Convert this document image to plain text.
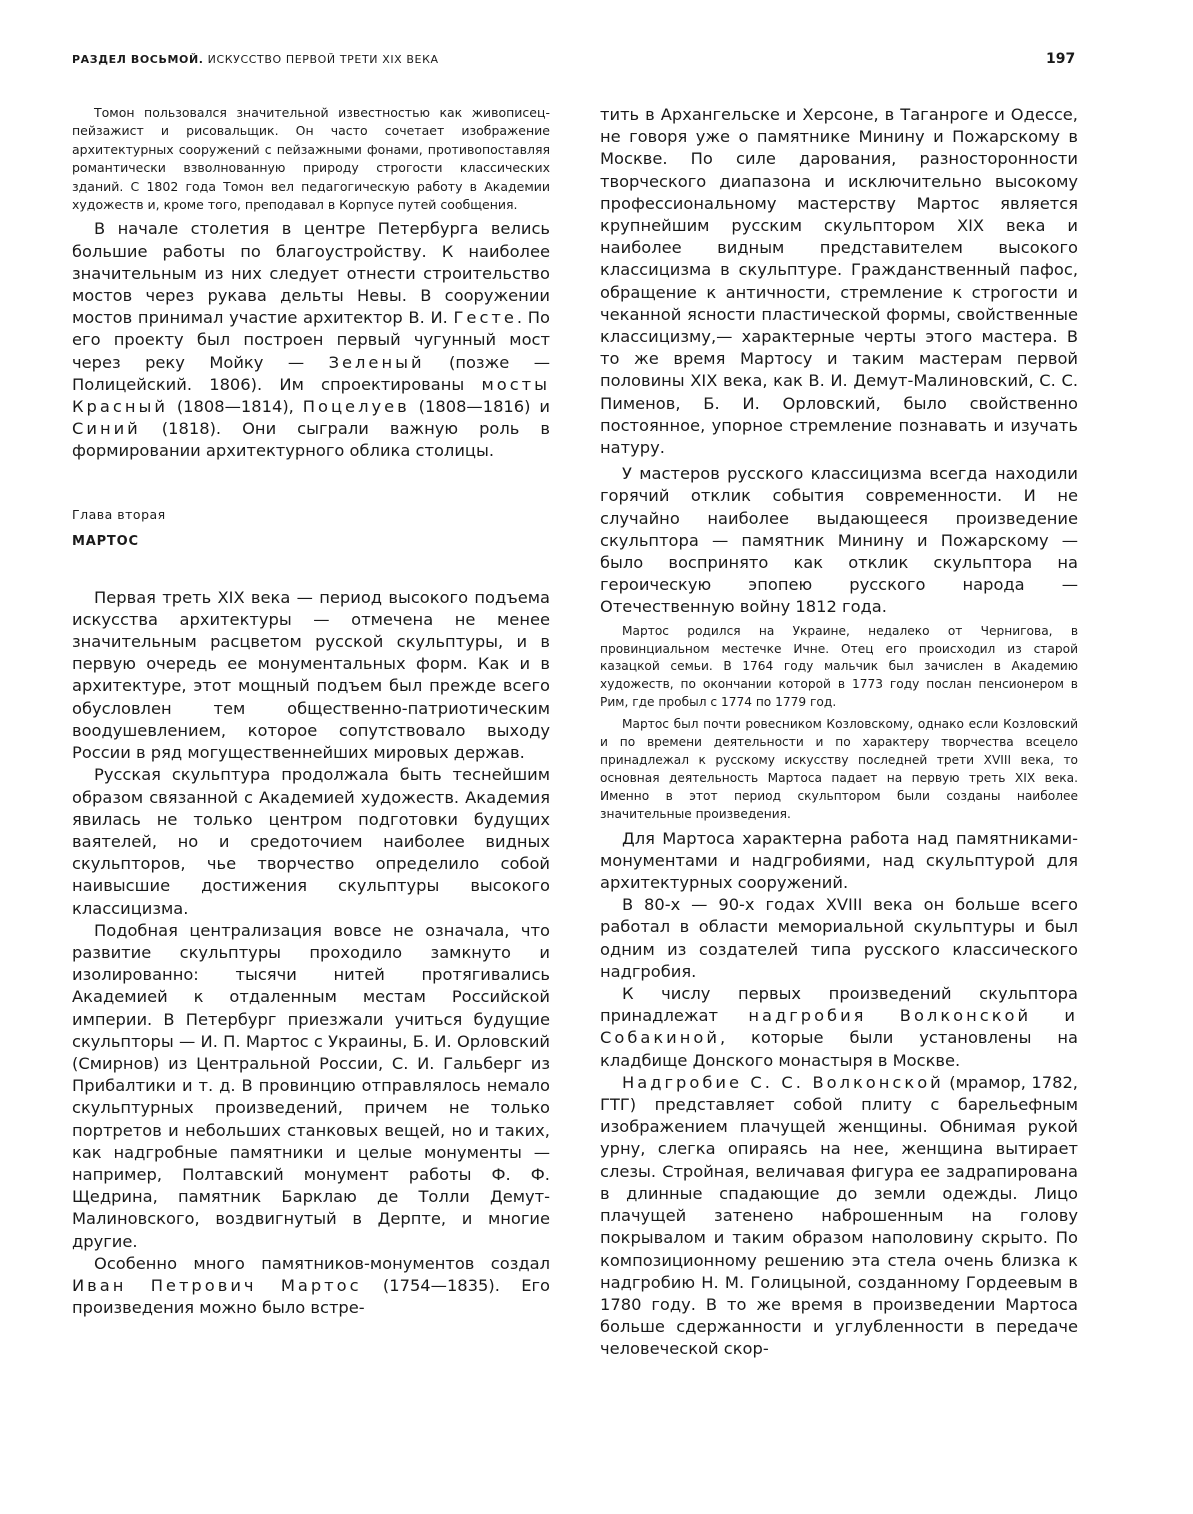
РАЗДЕЛ ВОСЬМОЙ. ИСКУССТВО ПЕРВОЙ ТРЕТИ XIX ВЕКА	197

Томон пользовался значительной известностью как живописец-пейзажист и рисовальщик. Он часто сочетает изображение архитектурных сооружений с пейзажными фонами, противопоставляя романтически взволнованную природу строгости классических зданий. С 1802 года Томон вел педагогическую работу в Академии художеств и, кроме того, преподавал в Корпусе путей сообщения.

В начале столетия в центре Петербурга велись большие работы по благоустройству. К наиболее значительным из них следует отнести строительство мостов через рукава дельты Невы. В сооружении мостов принимал участие архитектор В. И. Гесте. По его проекту был построен первый чугунный мост через реку Мойку — Зеленый (позже — Полицейский. 1806). Им спроектированы мосты Красный (1808—1814), Поцелуев (1808—1816) и Синий (1818). Они сыграли важную роль в формировании архитектурного облика столицы.

Глава вторая
МАРТОС

Первая треть XIX века — период высокого подъема искусства архитектуры — отмечена не менее значительным расцветом русской скульптуры, и в первую очередь ее монументальных форм. Как и в архитектуре, этот мощный подъем был прежде всего обусловлен тем общественно-патриотическим воодушевлением, которое сопутствовало выходу России в ряд могущественнейших мировых держав.

Русская скульптура продолжала быть теснейшим образом связанной с Академией художеств. Академия явилась не только центром подготовки будущих ваятелей, но и средоточием наиболее видных скульпторов, чье творчество определило собой наивысшие достижения скульптуры высокого классицизма.

Подобная централизация вовсе не означала, что развитие скульптуры проходило замкнуто и изолированно: тысячи нитей протягивались Академией к отдаленным местам Российской империи. В Петербург приезжали учиться будущие скульпторы — И. П. Мартос с Украины, Б. И. Орловский (Смирнов) из Центральной России, С. И. Гальберг из Прибалтики и т. д. В провинцию отправлялось немало скульптурных произведений, причем не только портретов и небольших станковых вещей, но и таких, как надгробные памятники и целые монументы — например, Полтавский монумент работы Ф. Ф. Щедрина, памятник Барклаю де Толли Демут-Малиновского, воздвигнутый в Дерпте, и многие другие.

Особенно много памятников-монументов создал Иван Петрович Мартос (1754—1835). Его произведения можно было встре-

тить в Архангельске и Херсоне, в Таганроге и Одессе, не говоря уже о памятнике Минину и Пожарскому в Москве. По силе дарования, разносторонности творческого диапазона и исключительно высокому профессиональному мастерству Мартос является крупнейшим русским скульптором XIX века и наиболее видным представителем высокого классицизма в скульптуре. Гражданственный пафос, обращение к античности, стремление к строгости и чеканной ясности пластической формы, свойственные классицизму,— характерные черты этого мастера. В то же время Мартосу и таким мастерам первой половины XIX века, как В. И. Демут-Малиновский, С. С. Пименов, Б. И. Орловский, было свойственно постоянное, упорное стремление познавать и изучать натуру.

У мастеров русского классицизма всегда находили горячий отклик события современности. И не случайно наиболее выдающееся произведение скульптора — памятник Минину и Пожарскому — было воспринято как отклик скульптора на героическую эпопею русского народа — Отечественную войну 1812 года.

Мартос родился на Украине, недалеко от Чернигова, в провинциальном местечке Ичне. Отец его происходил из старой казацкой семьи. В 1764 году мальчик был зачислен в Академию художеств, по окончании которой в 1773 году послан пенсионером в Рим, где пробыл с 1774 по 1779 год.

Мартос был почти ровесником Козловскому, однако если Козловский и по времени деятельности и по характеру творчества всецело принадлежал к русскому искусству последней трети XVIII века, то основная деятельность Мартоса падает на первую треть XIX века. Именно в этот период скульптором были созданы наиболее значительные произведения.

Для Мартоса характерна работа над памятниками-монументами и надгробиями, над скульптурой для архитектурных сооружений.

В 80-х — 90-х годах XVIII века он больше всего работал в области мемориальной скульптуры и был одним из создателей типа русского классического надгробия.

К числу первых произведений скульптора принадлежат надгробия Волконской и Собакиной, которые были установлены на кладбище Донского монастыря в Москве.

Надгробие С. С. Волконской (мрамор, 1782, ГТГ) представляет собой плиту с барельефным изображением плачущей женщины. Обнимая рукой урну, слегка опираясь на нее, женщина вытирает слезы. Стройная, величавая фигура ее задрапирована в длинные спадающие до земли одежды. Лицо плачущей затенено наброшенным на голову покрывалом и таким образом наполовину скрыто. По композиционному решению эта стела очень близка к надгробию Н. М. Голицыной, созданному Гордеевым в 1780 году. В то же время в произведении Мартоса больше сдержанности и углубленности в передаче человеческой скор-
